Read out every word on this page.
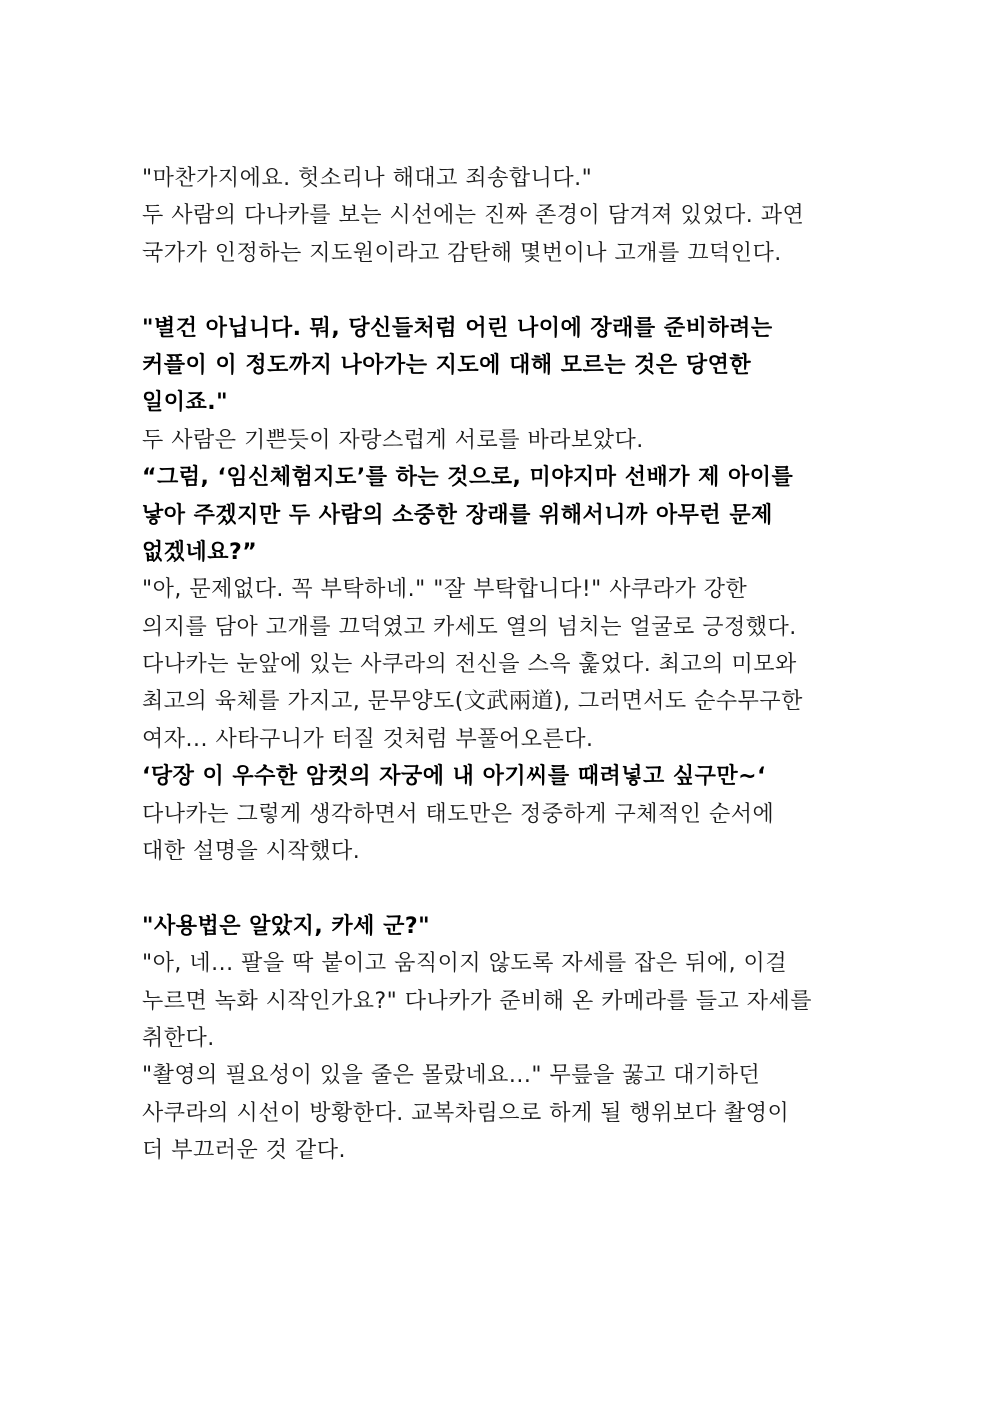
"마찬가지에요. 헛소리나 해대고 죄송합니다."
두 사람의 다나카를 보는 시선에는 진짜 존경이 담겨져 있었다. 과연
국가가 인정하는 지도원이라고 감탄해 몇번이나 고개를 끄덕인다.
"별건 아닙니다. 뭐, 당신들처럼 어린 나이에 장래를 준비하려는
커플이 이 정도까지 나아가는 지도에 대해 모르는 것은 당연한
일이죠."
두 사람은 기쁜듯이 자랑스럽게 서로를 바라보았다.
“그럼, ‘임신체험지도’를 하는 것으로, 미야지마 선배가 제 아이를
낳아 주겠지만 두 사람의 소중한 장래를 위해서니까 아무런 문제
없겠네요?”
"아, 문제없다. 꼭 부탁하네." "잘 부탁합니다!" 사쿠라가 강한
의지를 담아 고개를 끄덕였고 카세도 열의 넘치는 얼굴로 긍정했다.
다나카는 눈앞에 있는 사쿠라의 전신을 스윽 훑었다. 최고의 미모와
최고의 육체를 가지고, 문무양도(文武兩道), 그러면서도 순수무구한
여자... 사타구니가 터질 것처럼 부풀어오른다.
‘당장 이 우수한 암컷의 자궁에 내 아기씨를 때려넣고 싶구만~‘
다나카는 그렇게 생각하면서 태도만은 정중하게 구체적인 순서에
대한 설명을 시작했다.
"사용법은 알았지, 카세 군?"
"아, 네... 팔을 딱 붙이고 움직이지 않도록 자세를 잡은 뒤에, 이걸
누르면 녹화 시작인가요?" 다나카가 준비해 온 카메라를 들고 자세를
취한다.
"촬영의 필요성이 있을 줄은 몰랐네요..." 무릎을 꿇고 대기하던
사쿠라의 시선이 방황한다. 교복차림으로 하게 될 행위보다 촬영이
더 부끄러운 것 같다.
